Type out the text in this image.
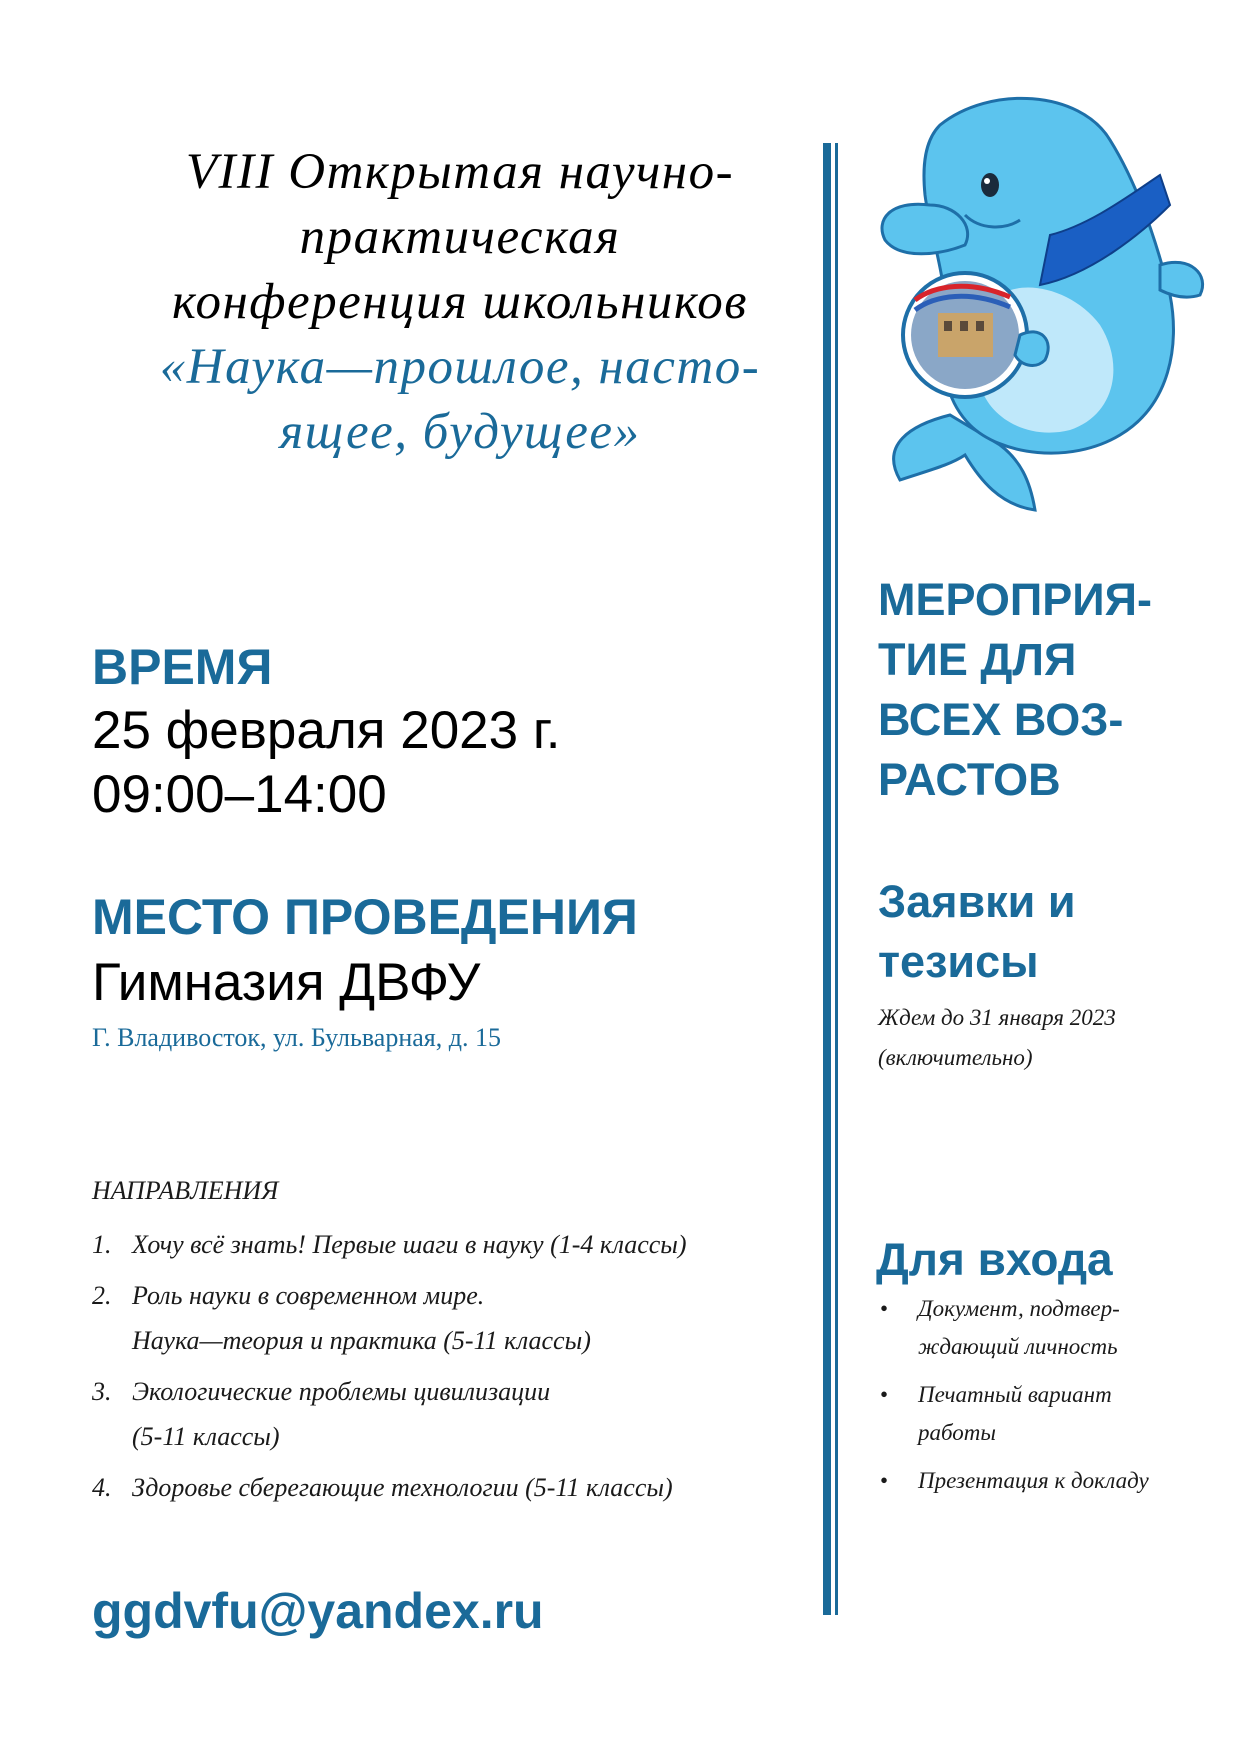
VIII Открытая научно-
практическая
конференция школьников
«Наука—прошлое, насто-
ящее, будущее»
ВРЕМЯ
25 февраля 2023 г.
09:00–14:00
МЕСТО ПРОВЕДЕНИЯ
Гимназия ДВФУ
Г. Владивосток, ул. Бульварная, д. 15
НАПРАВЛЕНИЯ
1. Хочу всё знать! Первые шаги в науку (1-4 классы)
2. Роль науки в современном мире.
Наука—теория и практика (5-11 классы)
3. Экологические проблемы цивилизации
(5-11 классы)
4. Здоровье сберегающие технологии (5-11 классы)
ggdvfu@yandex.ru
МЕРОПРИЯ-
ТИЕ ДЛЯ
ВСЕХ ВОЗ-
РАСТОВ
Заявки и
тезисы
Ждем до 31 января 2023
(включительно)
Для входа
• Документ, подтвер-
ждающий личность
• Печатный вариант
работы
• Презентация к докладу
